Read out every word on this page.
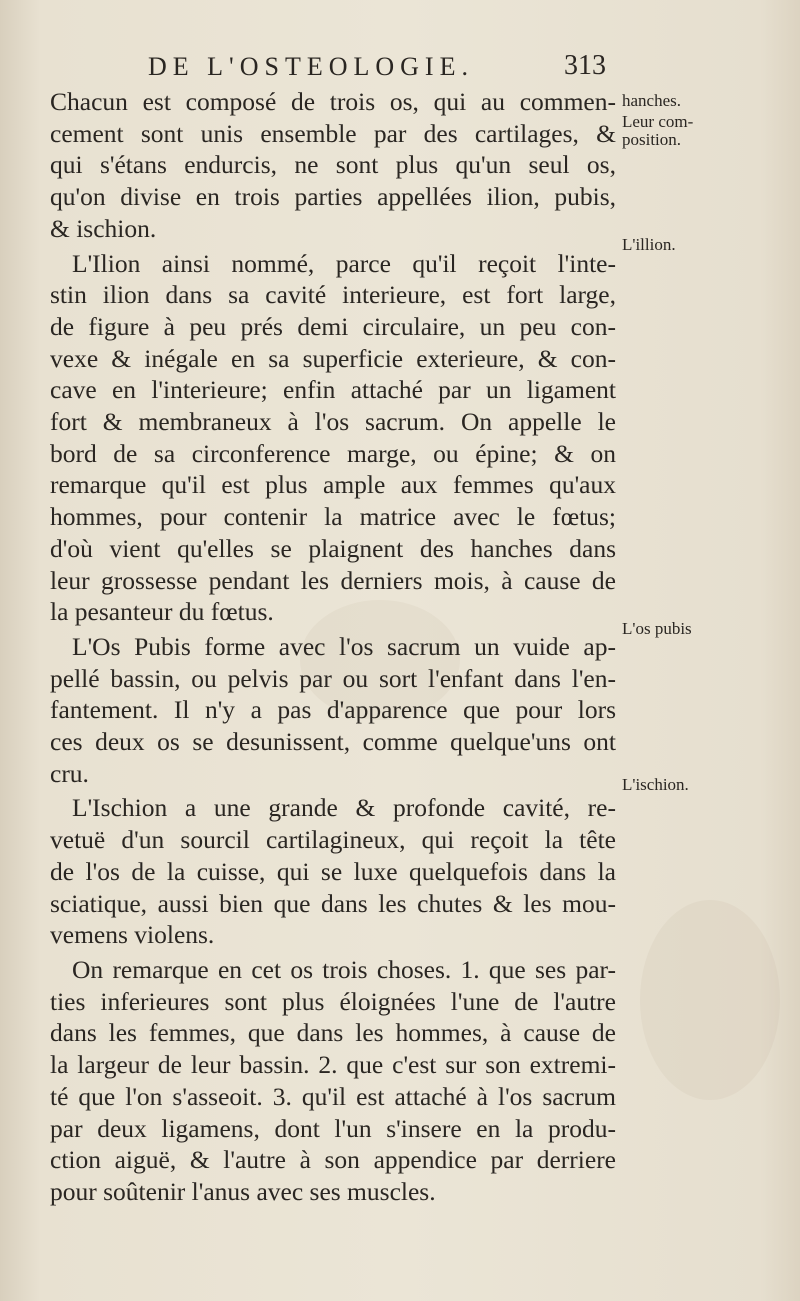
DE L'OSTEOLOGIE.	313

Chacun est composé de trois os, qui au commen-
cement sont unis ensemble par des cartilages, &
qui s'étans endurcis, ne sont plus qu'un seul os,
qu'on divise en trois parties appellées ilion, pubis,
& ischion.

L'Ilion ainsi nommé, parce qu'il reçoit l'inte-
stin ilion dans sa cavité interieure, est fort large,
de figure à peu prés demi circulaire, un peu con-
vexe & inégale en sa superficie exterieure, & con-
cave en l'interieure; enfin attaché par un ligament
fort & membraneux à l'os sacrum. On appelle le
bord de sa circonference marge, ou épine; & on
remarque qu'il est plus ample aux femmes qu'aux
hommes, pour contenir la matrice avec le fœtus;
d'où vient qu'elles se plaignent des hanches dans
leur grossesse pendant les derniers mois, à cause de
la pesanteur du fœtus.

L'Os Pubis forme avec l'os sacrum un vuide ap-
pellé bassin, ou pelvis par ou sort l'enfant dans l'en-
fantement. Il n'y a pas d'apparence que pour lors
ces deux os se desunissent, comme quelque'uns ont
cru.

L'Ischion a une grande & profonde cavité, re-
vetuë d'un sourcil cartilagineux, qui reçoit la tête
de l'os de la cuisse, qui se luxe quelquefois dans la
sciatique, aussi bien que dans les chutes & les mou-
vemens violens.

On remarque en cet os trois choses. 1. que ses par-
ties inferieures sont plus éloignées l'une de l'autre
dans les femmes, que dans les hommes, à cause de
la largeur de leur bassin. 2. que c'est sur son extremi-
té que l'on s'asseoit. 3. qu'il est attaché à l'os sacrum
par deux ligamens, dont l'un s'insere en la produ-
ction aiguë, & l'autre à son appendice par derriere
pour soûtenir l'anus avec ses muscles.

hanches.
Leur com-
position.
L'illion.
L'os pubis
L'ischion.
